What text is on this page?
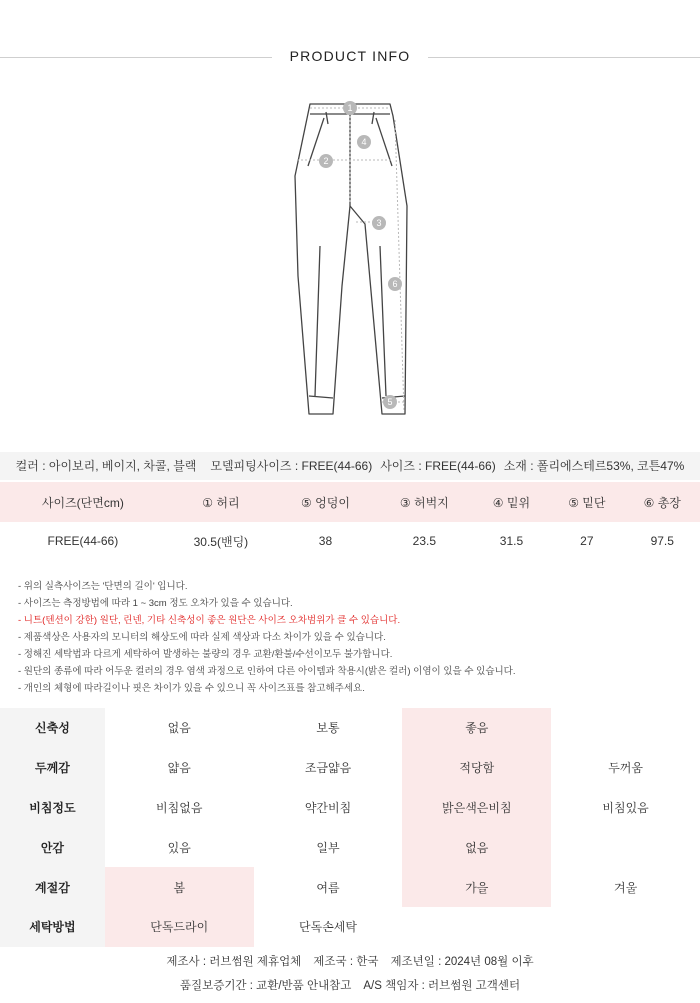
PRODUCT INFO
1
2
3
4
5
6
컬러 : 아이보리, 베이지, 차콜, 블랙 모델피팅사이즈 : FREE(44-66) 사이즈 : FREE(44-66) 소재 : 폴리에스테르53%, 코튼47%
사이즈(단면cm)	① 허리	⑤ 엉덩이	③ 허벅지	④ 밑위	⑤ 밑단	⑥ 총장
FREE(44-66)	30.5(밴딩)	38	23.5	31.5	27	97.5
- 위의 실측사이즈는 '단면의 길이' 입니다.
- 사이즈는 측정방법에 따라 1 ~ 3cm 정도 오차가 있을 수 있습니다.
- 니트(텐션이 강한) 원단, 린넨, 기타 신축성이 좋은 원단은 사이즈 오차범위가 클 수 있습니다.
- 제품색상은 사용자의 모니터의 해상도에 따라 실제 색상과 다소 차이가 있을 수 있습니다.
- 정해진 세탁법과 다르게 세탁하여 발생하는 불량의 경우 교환/환불/수선이모두 불가합니다.
- 원단의 종류에 따라 어두운 컬러의 경우 염색 과정으로 인하여 다른 아이템과 착용시(밝은 컬러) 이염이 있을 수 있습니다.
- 개인의 체형에 따라길이나 핏은 차이가 있을 수 있으니 꼭 사이즈표를 참고해주세요.
신축성	없음	보통	좋음	
두께감	얇음	조금얇음	적당함	두꺼움
비침정도	비침없음	약간비침	밝은색은비침	비침있음
안감	있음	일부	없음	
계절감	봄	여름	가을	겨울
세탁방법	단독드라이	단독손세탁		
제조사 : 러브썸원 제휴업체 제조국 : 한국 제조년일 : 2024년 08월 이후
품질보증기간 : 교환/반품 안내참고 A/S 책임자 : 러브썸원 고객센터
